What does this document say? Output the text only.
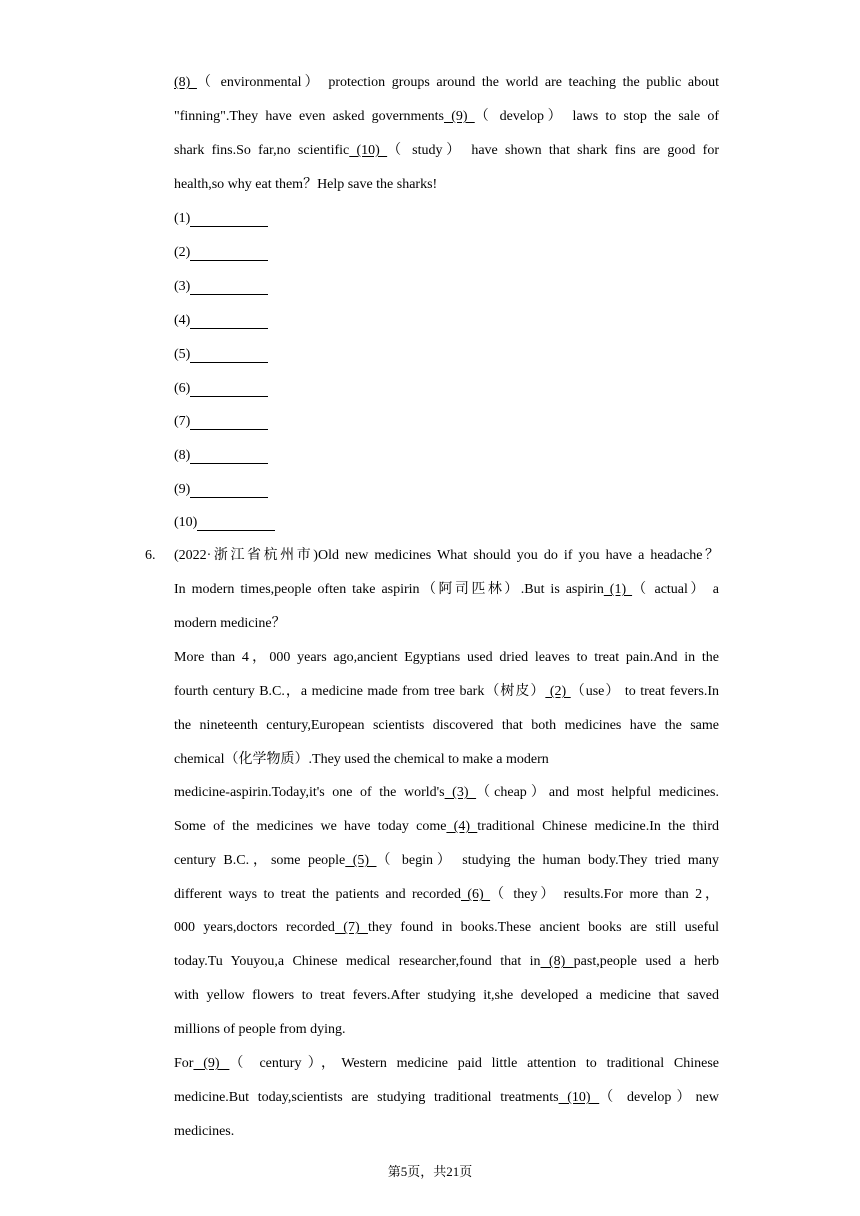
(8) （ environmental） protection groups around the world are teaching the public about
"finning".They have even asked governments (9) （ develop） laws to stop the sale of
shark fins.So far,no scientific (10) （ study） have shown that shark fins are good for
health,so why eat them？Help save the sharks!
(1)
(2)
(3)
(4)
(5)
(6)
(7)
(8)
(9)
(10)
6. (2022·浙江省杭州市)Old new medicines What should you do if you have a headache？
In modern times,people often take aspirin（阿司匹林）.But is aspirin (1) （ actual） a
modern medicine？
More than 4，000 years ago,ancient Egyptians used dried leaves to treat pain.And in the
fourth century B.C.，a medicine made from tree bark（树皮） (2) （use） to treat fevers.In
the nineteenth century,European scientists discovered that both medicines have the same
chemical（化学物质）.They used the chemical to make a modern
medicine-aspirin.Today,it's one of the world's (3) （cheap）and most helpful medicines.
Some of the medicines we have today come (4) traditional Chinese medicine.In the third
century B.C.，some people (5) （ begin） studying the human body.They tried many
different ways to treat the patients and recorded (6) （ they） results.For more than 2，
000 years,doctors recorded (7) they found in books.These ancient books are still useful
today.Tu Youyou,a Chinese medical researcher,found that in (8) past,people used a herb
with yellow flowers to treat fevers.After studying it,she developed a medicine that saved
millions of people from dying.
For (9) （ century），Western medicine paid little attention to traditional Chinese
medicine.But today,scientists are studying traditional treatments (10) （ develop）new
medicines.
第5页，共21页
